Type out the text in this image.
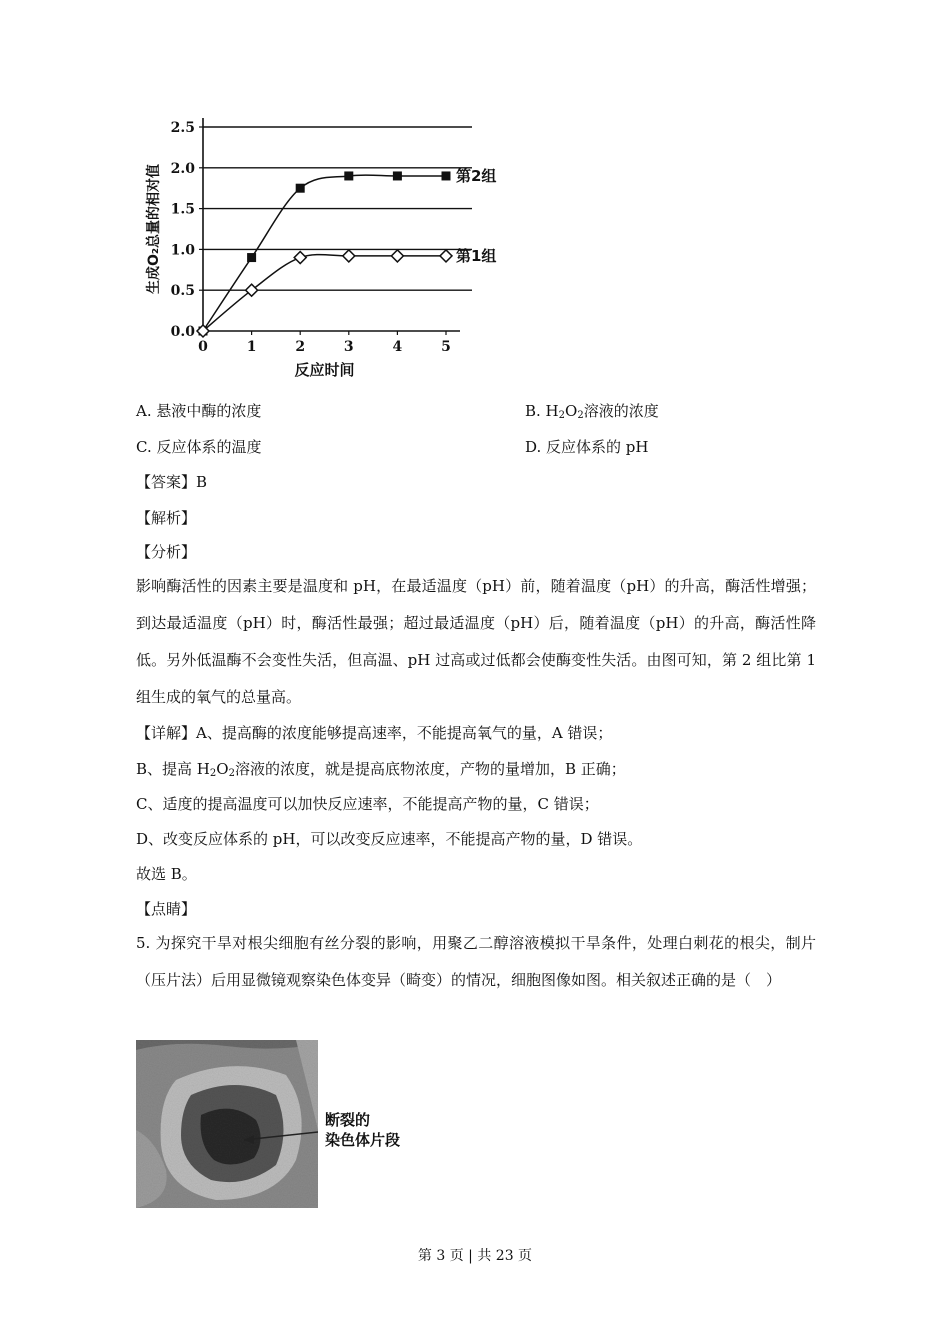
0.0
0.5
1.0
1.5
2.0
2.5
0	1	2	3	4	5
反应时间
生成O₂总量的相对值	第2组
第1组
A. 悬液中酶的浓度	B. $H_2O_2$溶液的浓度
C. 反应体系的温度	D. 反应体系的 pH
【答案】B
【解析】
【分析】
影响酶活性的因素主要是温度和 pH，在最适温度（pH）前，随着温度（pH）的升高，酶活性增强；到达最适温度（pH）时，酶活性最强；超过最适温度（pH）后，随着温度（pH）的升高，酶活性降低。另外低温酶不会变性失活，但高温、pH 过高或过低都会使酶变性失活。由图可知，第 2 组比第 1 组生成的氧气的总量高。
【详解】A、提高酶的浓度能够提高速率，不能提高氧气的量，A 错误；
B、提高 $H_2O_2$溶液的浓度，就是提高底物浓度，产物的量增加，B 正确；
C、适度的提高温度可以加快反应速率，不能提高产物的量，C 错误；
D、改变反应体系的 pH，可以改变反应速率，不能提高产物的量，D 错误。
故选 B。
【点睛】
5. 为探究干旱对根尖细胞有丝分裂的影响，用聚乙二醇溶液模拟干旱条件，处理白刺花的根尖，制片（压片法）后用显微镜观察染色体变异（畸变）的情况，细胞图像如图。相关叙述正确的是（　）
断裂的
染色体片段
第 3 页 | 共 23 页
